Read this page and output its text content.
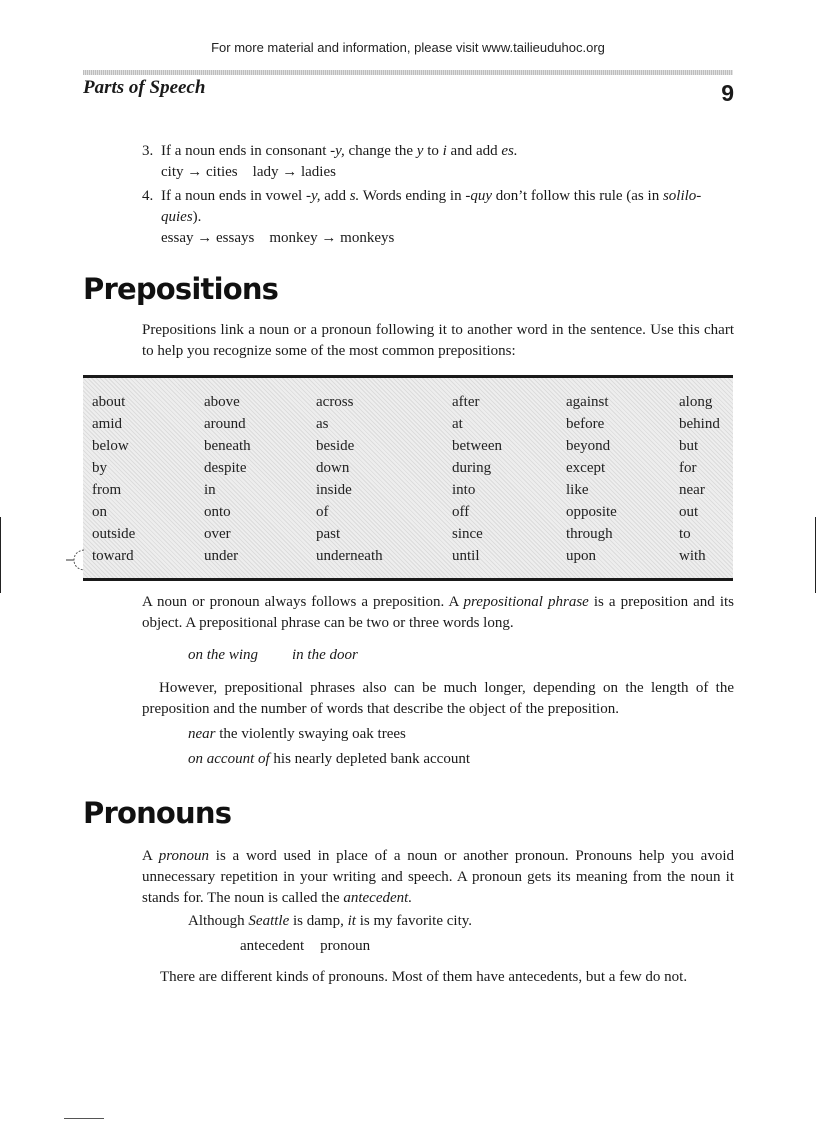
For more material and information, please visit www.tailieuduhoc.org
Parts of Speech	9
3. If a noun ends in consonant -y, change the y to i and add es.
city → cities lady → ladies
4. If a noun ends in vowel -y, add s. Words ending in -quy don’t follow this rule (as in solilo-
quies).
essay → essays monkey → monkeys
Prepositions
Prepositions link a noun or a pronoun following it to another word in the sentence. Use this chart to help you recognize some of the most common prepositions:
about	above	across	after	against	along
amid	around	as	at	before	behind
below	beneath	beside	between	beyond	but
by	despite	down	during	except	for
from	in	inside	into	like	near
on	onto	of	off	opposite	out
outside	over	past	since	through	to
toward	under	underneath	until	upon	with
A noun or pronoun always follows a preposition. A prepositional phrase is a preposition and its object. A prepositional phrase can be two or three words long.
on the wing in the door
However, prepositional phrases also can be much longer, depending on the length of the preposition and the number of words that describe the object of the preposition.
near the violently swaying oak trees
on account of his nearly depleted bank account
Pronouns
A pronoun is a word used in place of a noun or another pronoun. Pronouns help you avoid unnecessary repetition in your writing and speech. A pronoun gets its meaning from the noun it stands for. The noun is called the antecedent.
Although Seattle is damp, it is my favorite city.
antecedent pronoun
There are different kinds of pronouns. Most of them have antecedents, but a few do not.
